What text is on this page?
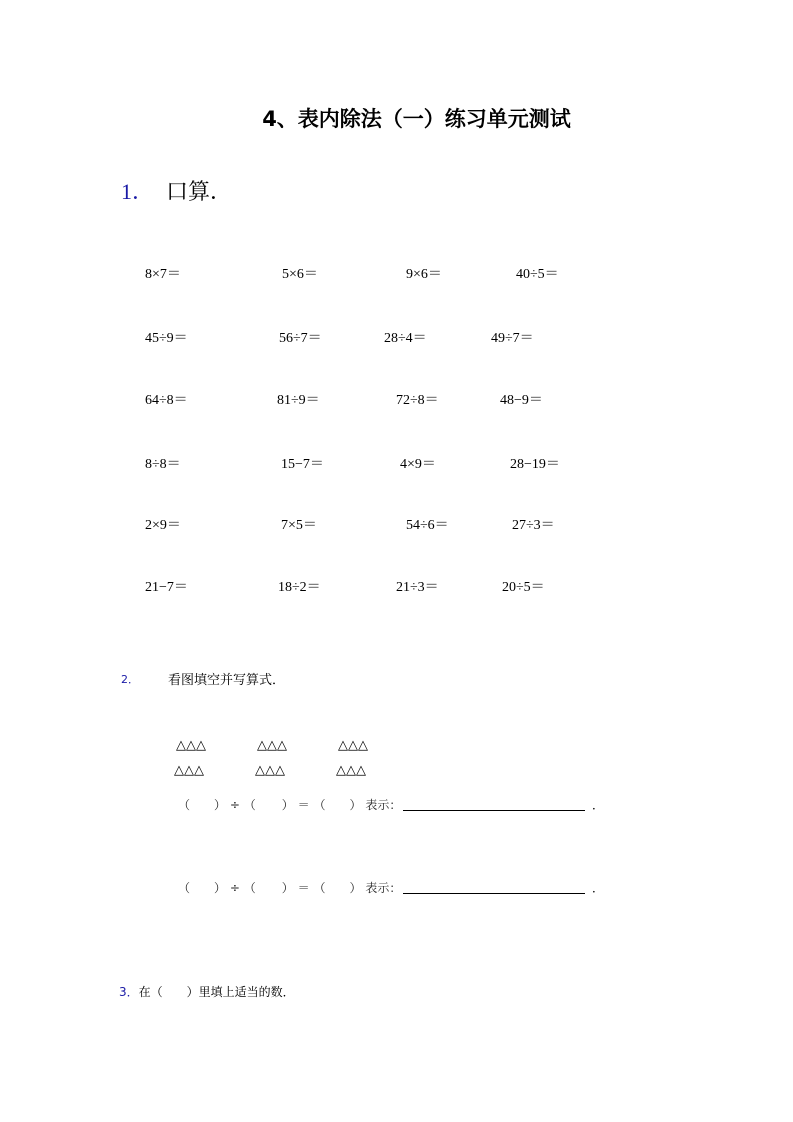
4、表内除法（一）练习单元测试
1． 口算．
8×7＝	5×6＝	9×6＝	40÷5＝
45÷9＝	56÷7＝	28÷4＝	49÷7＝
64÷8＝	81÷9＝	72÷8＝	48−9＝
8÷8＝	15−7＝	4×9＝	28−19＝
2×9＝	7×5＝	54÷6＝	27÷3＝
21−7＝	18÷2＝	21÷3＝	20÷5＝
2． 看图填空并写算式．
△△△	△△△	△△△
△△△	△△△	△△△
（ ） ÷ （ ） ＝ （ ） 表示：	．
（ ） ÷ （ ） ＝ （ ） 表示：	．
3．在（　　）里填上适当的数．
